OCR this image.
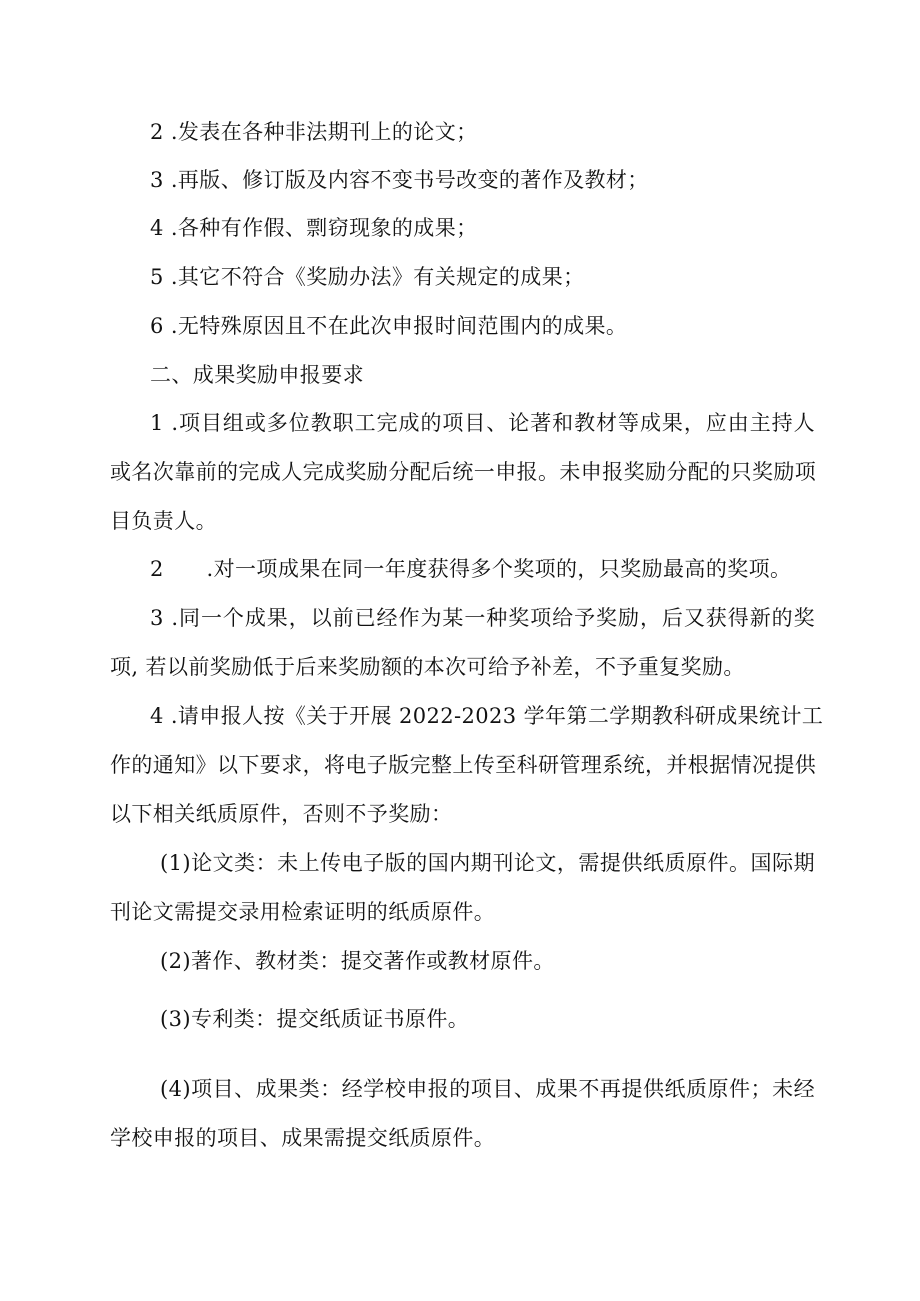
2 .发表在各种非法期刊上的论文；
3 .再版、修订版及内容不变书号改变的著作及教材；
4 .各种有作假、剽窃现象的成果；
5 .其它不符合《奖励办法》有关规定的成果；
6 .无特殊原因且不在此次申报时间范围内的成果。
二、成果奖励申报要求
1 .项目组或多位教职工完成的项目、论著和教材等成果，应由主持人
或名次靠前的完成人完成奖励分配后统一申报。未申报奖励分配的只奖励项
目负责人。
2　　.对一项成果在同一年度获得多个奖项的，只奖励最高的奖项。
3 .同一个成果，以前已经作为某一种奖项给予奖励，后又获得新的奖
项, 若以前奖励低于后来奖励额的本次可给予补差，不予重复奖励。
4 .请申报人按《关于开展 2022-2023 学年第二学期教科研成果统计工
作的通知》以下要求，将电子版完整上传至科研管理系统，并根据情况提供
以下相关纸质原件，否则不予奖励：
(1)论文类：未上传电子版的国内期刊论文，需提供纸质原件。国际期
刊论文需提交录用检索证明的纸质原件。
(2)著作、教材类：提交著作或教材原件。
(3)专利类：提交纸质证书原件。
(4)项目、成果类：经学校申报的项目、成果不再提供纸质原件；未经
学校申报的项目、成果需提交纸质原件。
